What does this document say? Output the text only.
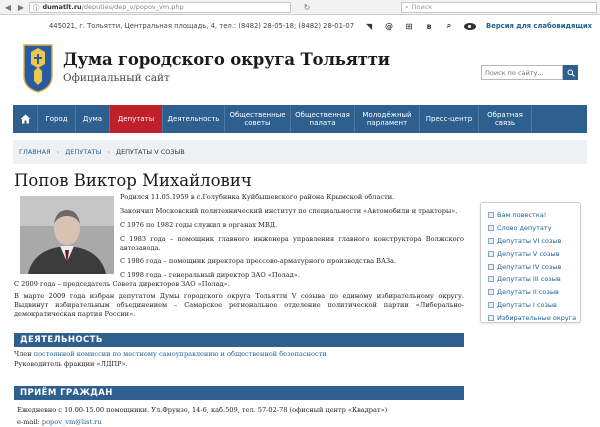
◀ ▶ ⓘ dumatlt.ru /deputies/dep_v/popov_vm.php	↻	⌕ Поиск
445021, г. Тольятти, Центральная площадь, 4, тел.: (8482) 28-05-18; (8482) 28-01-07 ◥ @ ⊞	в	⌕	Версия для слабовидящих
Дума городского округа Тольятти
Официальный сайт
Поиск по сайту...
Город	Дума	Депутаты	Деятельность
Общественные советы
Общественная палата
Молодёжный парламент
Пресс-центр
Обратная связь
ГЛАВНАЯ › ДЕПУТАТЫ › ДЕПУТАТЫ V СОЗЫВ
Попов Виктор Михайлович

Родился 11.05.1959 в с.Голубинка Куйбышевского района Крымской области.

Закончил Московский политехнический институт по специальности «Автомобили и тракторы».

С 1976 по 1982 годы служил в органах МВД.

С 1983 года – помощник главного инженера управления главного конструктора Волжского автозавода.

С 1986 года – помощник директора прессово-арматурного производства ВАЗа.

С 1998 года – генеральный директор ЗАО «Полад».

С 2009 года – председатель Совета директоров ЗАО «Полад».
В марте 2009 года избран депутатом Думы городского округа Тольятти V созыва по единому избирательному округу. Выдвинут избирательным объединением – Самарское региональное отделение политической партии «Либерально-демократическая партия России».
ДЕЯТЕЛЬНОСТЬ
Член постоянной комиссии по местному самоуправлению и общественной безопасности
Руководитель фракции «ЛДПР».
ПРИЁМ ГРАЖДАН
Ежедневно с 10.00-15.00 помощники. Ул.Фрунзе, 14-6, каб.509, тел. 57-02-78 (офисный центр «Квадрат»)
e-mail: popov_vm@list.ru
Вам повестка!
Слово депутату
Депутаты VI созыв
Депутаты V созыв
Депутаты IV созыв
Депутаты III созыв
Депутаты II созыв
Депутаты I созыв
Избирательные округа
